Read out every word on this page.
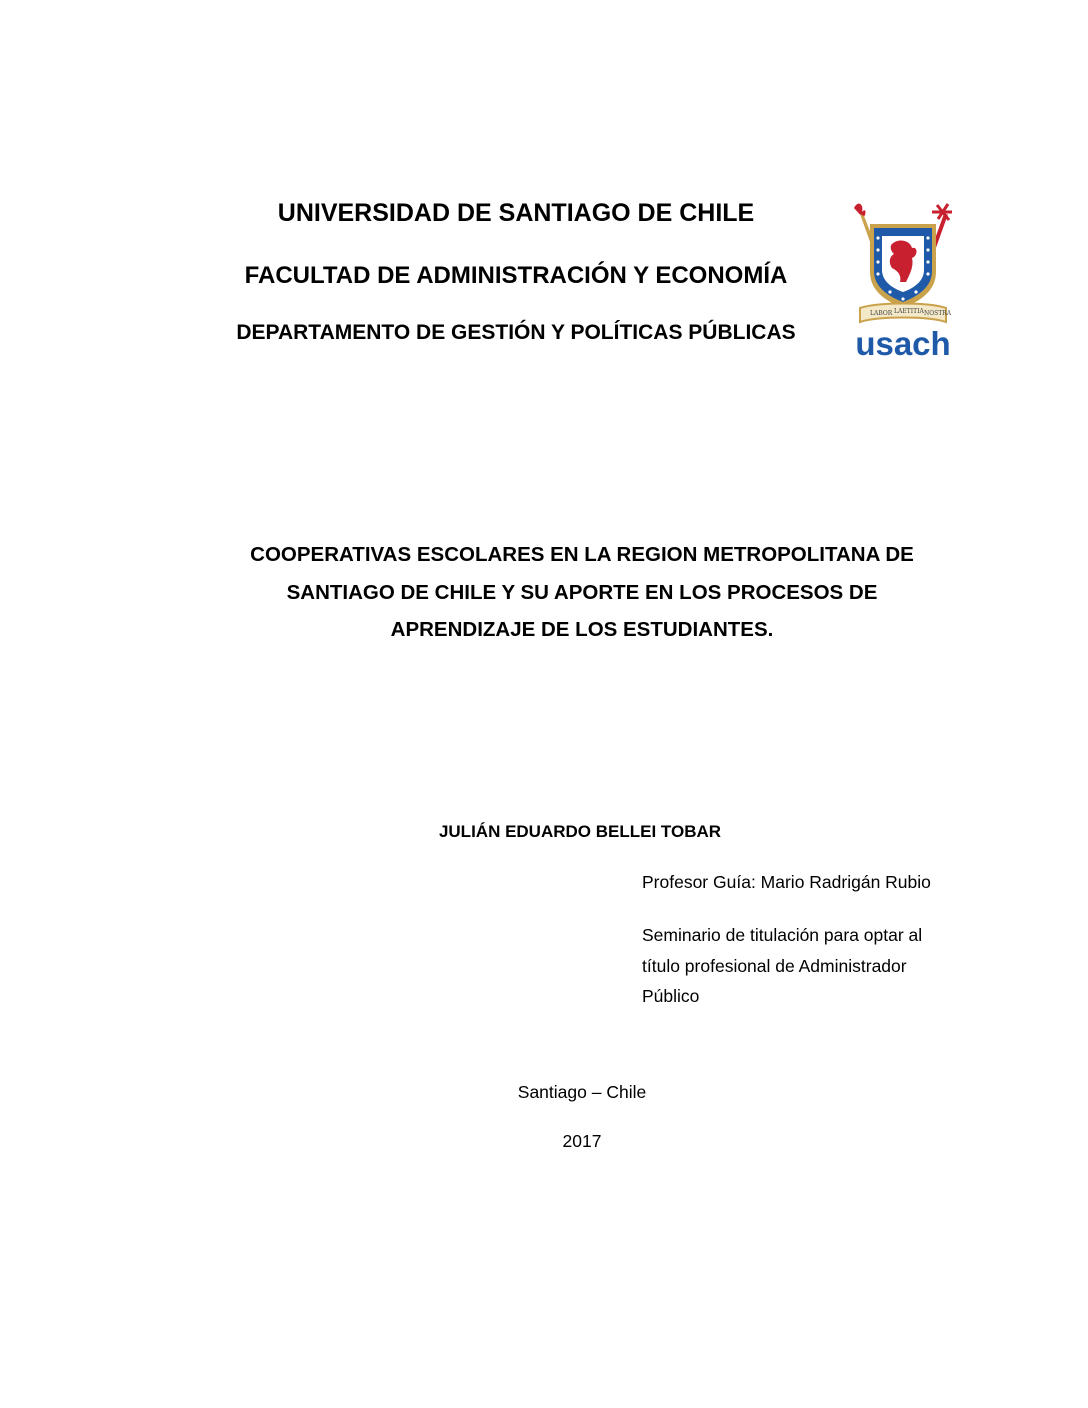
UNIVERSIDAD DE SANTIAGO DE CHILE
FACULTAD DE ADMINISTRACIÓN Y ECONOMÍA
DEPARTAMENTO DE GESTIÓN Y POLÍTICAS PÚBLICAS
LABOR LAETITIA NOSTRA
usach
COOPERATIVAS ESCOLARES EN LA REGION METROPOLITANA DE
SANTIAGO DE CHILE Y SU APORTE EN LOS PROCESOS DE
APRENDIZAJE DE LOS ESTUDIANTES.
JULIÁN EDUARDO BELLEI TOBAR
Profesor Guía: Mario Radrigán Rubio
Seminario de titulación para optar al
título profesional de Administrador
Público
Santiago – Chile
2017
